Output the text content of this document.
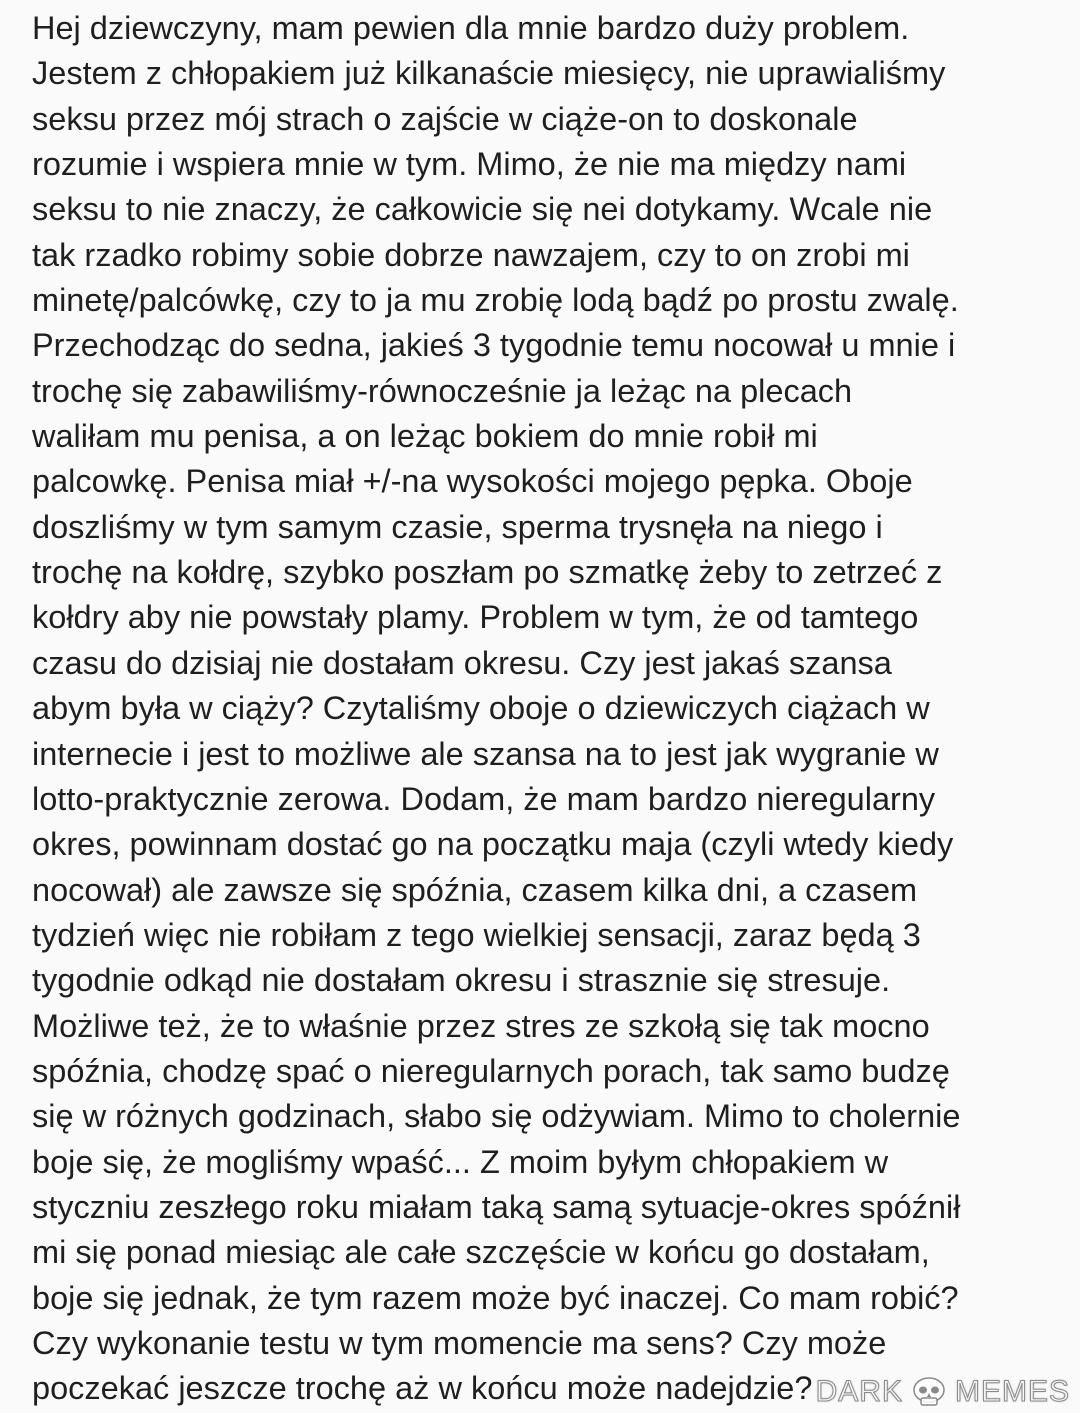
Hej dziewczyny, mam pewien dla mnie bardzo duży problem.
Jestem z chłopakiem już kilkanaście miesięcy, nie uprawialiśmy
seksu przez mój strach o zajście w ciąże-on to doskonale
rozumie i wspiera mnie w tym. Mimo, że nie ma między nami
seksu to nie znaczy, że całkowicie się nei dotykamy. Wcale nie
tak rzadko robimy sobie dobrze nawzajem, czy to on zrobi mi
minetę/palcówkę, czy to ja mu zrobię lodą bądź po prostu zwalę.
Przechodząc do sedna, jakieś 3 tygodnie temu nocował u mnie i
trochę się zabawiliśmy-równocześnie ja leżąc na plecach
waliłam mu penisa, a on leżąc bokiem do mnie robił mi
palcowkę. Penisa miał +/-na wysokości mojego pępka. Oboje
doszliśmy w tym samym czasie, sperma trysnęła na niego i
trochę na kołdrę, szybko poszłam po szmatkę żeby to zetrzeć z
kołdry aby nie powstały plamy. Problem w tym, że od tamtego
czasu do dzisiaj nie dostałam okresu. Czy jest jakaś szansa
abym była w ciąży? Czytaliśmy oboje o dziewiczych ciążach w
internecie i jest to możliwe ale szansa na to jest jak wygranie w
lotto-praktycznie zerowa. Dodam, że mam bardzo nieregularny
okres, powinnam dostać go na początku maja (czyli wtedy kiedy
nocował) ale zawsze się spóźnia, czasem kilka dni, a czasem
tydzień więc nie robiłam z tego wielkiej sensacji, zaraz będą 3
tygodnie odkąd nie dostałam okresu i strasznie się stresuje.
Możliwe też, że to właśnie przez stres ze szkołą się tak mocno
spóźnia, chodzę spać o nieregularnych porach, tak samo budzę
się w różnych godzinach, słabo się odżywiam. Mimo to cholernie
boje się, że mogliśmy wpaść... Z moim byłym chłopakiem w
styczniu zeszłego roku miałam taką samą sytuacje-okres spóźnił
mi się ponad miesiąc ale całe szczęście w końcu go dostałam,
boje się jednak, że tym razem może być inaczej. Co mam robić?
Czy wykonanie testu w tym momencie ma sens? Czy może
poczekać jeszcze trochę aż w końcu może nadejdzie? DARK MEMES
